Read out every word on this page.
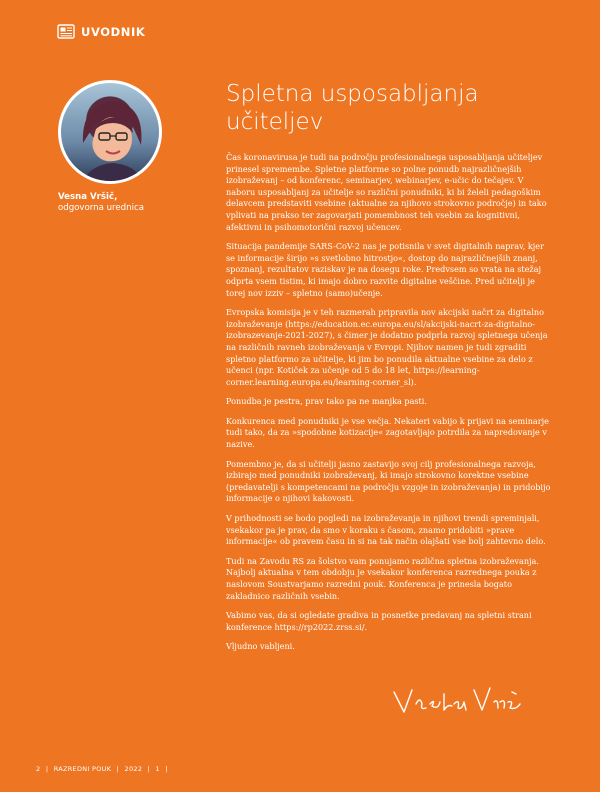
UVODNIK
Vesna Vršič,
odgovorna urednica
Spletna usposabljanja učiteljev

Čas koronavirusa je tudi na področju profesionalnega usposabljanja učiteljev prinesel spremembe. Spletne platforme so polne ponudb najrazličnejših izobraževanj – od konferenc, seminarjev, webinarjev, e-učic do tečajev. V naboru usposabljanj za učitelje so različni ponudniki, ki bi želeli pedagoškim delavcem predstaviti vsebine (aktualne za njihovo strokovno področje) in tako vplivati na prakso ter zagovarjati pomembnost teh vsebin za kognitivni, afektivni in psihomotorični razvoj učencev.

Situacija pandemije SARS-CoV-2 nas je potisnila v svet digitalnih naprav, kjer se informacije širijo »s svetlobno hitrostjo«, dostop do najrazličnejših znanj, spoznanj, rezultatov raziskav je na dosegu roke. Predvsem so vrata na stežaj odprta vsem tistim, ki imajo dobro razvite digitalne veščine. Pred učitelji je torej nov izziv – spletno (samo)učenje.

Evropska komisija je v teh razmerah pripravila nov akcijski načrt za digitalno izobraževanje (https://education.ec.europa.eu/sl/akcijski-nacrt-za-digitalno-izobrazevanje-2021-2027), s čimer je dodatno podprla razvoj spletnega učenja na različnih ravneh izobraževanja v Evropi. Njihov namen je tudi zgraditi spletno platformo za učitelje, ki jim bo ponudila aktualne vsebine za delo z učenci (npr. Kotiček za učenje od 5 do 18 let, https://learning-corner.learning.europa.eu/learning-corner_sl).

Ponudba je pestra, prav tako pa ne manjka pasti.

Konkurenca med ponudniki je vse večja. Nekateri vabijo k prijavi na seminarje tudi tako, da za »spodobne kotizacije« zagotavljajo potrdila za napredovanje v nazive.

Pomembno je, da si učitelji jasno zastavijo svoj cilj profesionalnega razvoja, izbirajo med ponudniki izobraževanj, ki imajo strokovno korektne vsebine (predavatelji s kompetencami na področju vzgoje in izobraževanja) in pridobijo informacije o njihovi kakovosti.

V prihodnosti se bodo pogledi na izobraževanja in njihovi trendi spreminjali, vsekakor pa je prav, da smo v koraku s časom, znamo pridobiti »prave informacije« ob pravem času in si na tak način olajšati vse bolj zahtevno delo.

Tudi na Zavodu RS za šolstvo vam ponujamo različna spletna izobraževanja. Najbolj aktualna v tem obdobju je vsekakor konferenca razrednega pouka z naslovom Soustvarjamo razredni pouk. Konferenca je prinesla bogato zakladnico različnih vsebin.

Vabimo vas, da si ogledate gradiva in posnetke predavanj na spletni strani konference https://rp2022.zrss.si/.

Vljudno vabljeni.

2 | RAZREDNI POUK | 2022 | 1 |
